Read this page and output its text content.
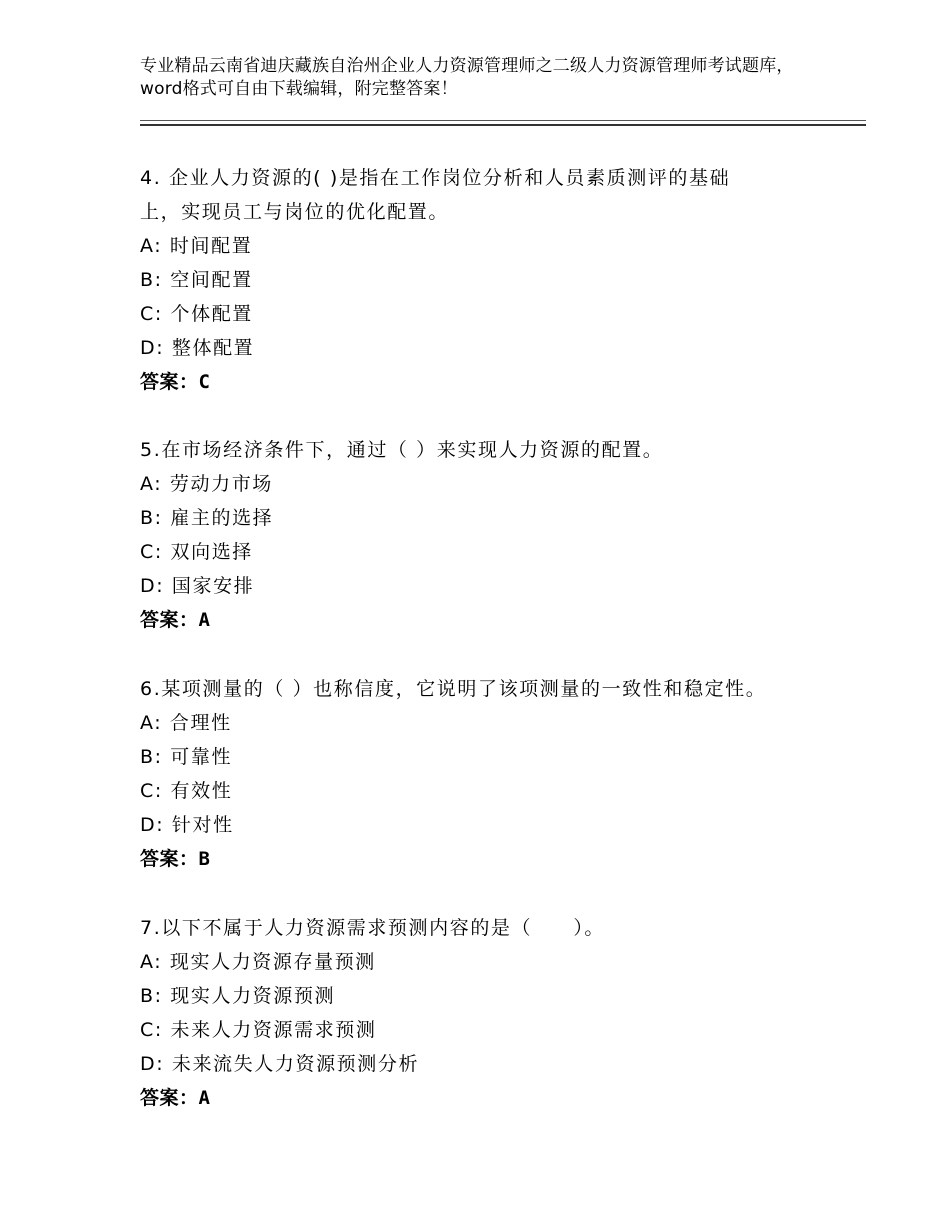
专业精品云南省迪庆藏族自治州企业人力资源管理师之二级人力资源管理师考试题库，word格式可自由下载编辑，附完整答案！
4. 企业人力资源的( )是指在工作岗位分析和人员素质测评的基础
上，实现员工与岗位的优化配置。
A: 时间配置
B: 空间配置
C: 个体配置
D: 整体配置
答案：C
5.在市场经济条件下，通过（ ）来实现人力资源的配置。
A: 劳动力市场
B: 雇主的选择
C: 双向选择
D: 国家安排
答案：A
6.某项测量的（ ）也称信度，它说明了该项测量的一致性和稳定性。
A: 合理性
B: 可靠性
C: 有效性
D: 针对性
答案：B
7.以下不属于人力资源需求预测内容的是（　　）。
A: 现实人力资源存量预测
B: 现实人力资源预测
C: 未来人力资源需求预测
D: 未来流失人力资源预测分析
答案：A
